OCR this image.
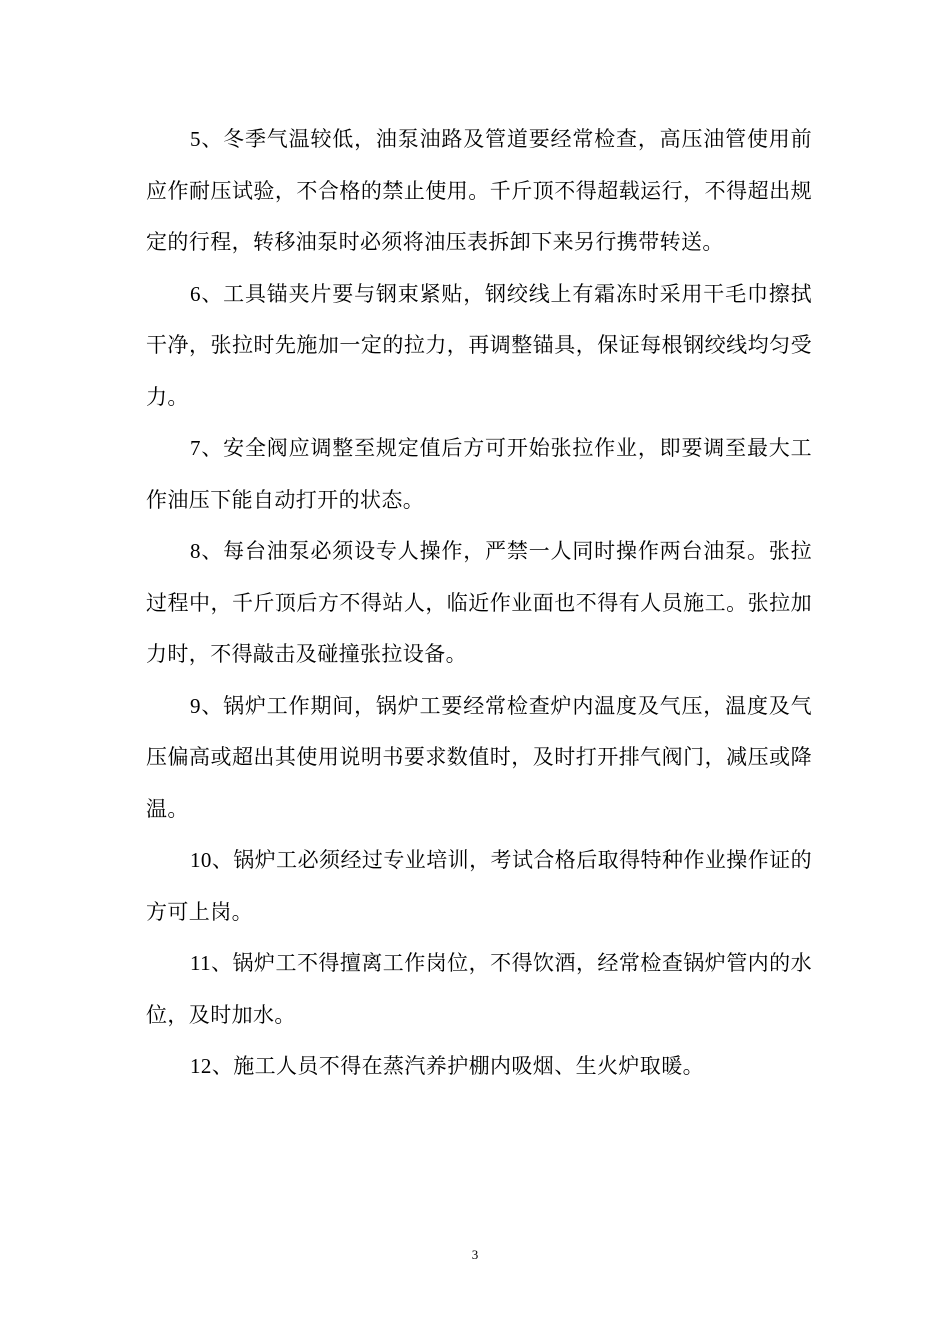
5、冬季气温较低，油泵油路及管道要经常检查，高压油管使用前应作耐压试验，不合格的禁止使用。千斤顶不得超载运行，不得超出规定的行程，转移油泵时必须将油压表拆卸下来另行携带转送。

6、工具锚夹片要与钢束紧贴，钢绞线上有霜冻时采用干毛巾擦拭干净，张拉时先施加一定的拉力，再调整锚具，保证每根钢绞线均匀受力。

7、安全阀应调整至规定值后方可开始张拉作业，即要调至最大工作油压下能自动打开的状态。

8、每台油泵必须设专人操作，严禁一人同时操作两台油泵。张拉过程中，千斤顶后方不得站人，临近作业面也不得有人员施工。张拉加力时，不得敲击及碰撞张拉设备。

9、锅炉工作期间，锅炉工要经常检查炉内温度及气压，温度及气压偏高或超出其使用说明书要求数值时，及时打开排气阀门，减压或降温。

10、锅炉工必须经过专业培训，考试合格后取得特种作业操作证的方可上岗。

11、锅炉工不得擅离工作岗位，不得饮酒，经常检查锅炉管内的水位，及时加水。

12、施工人员不得在蒸汽养护棚内吸烟、生火炉取暖。

3
